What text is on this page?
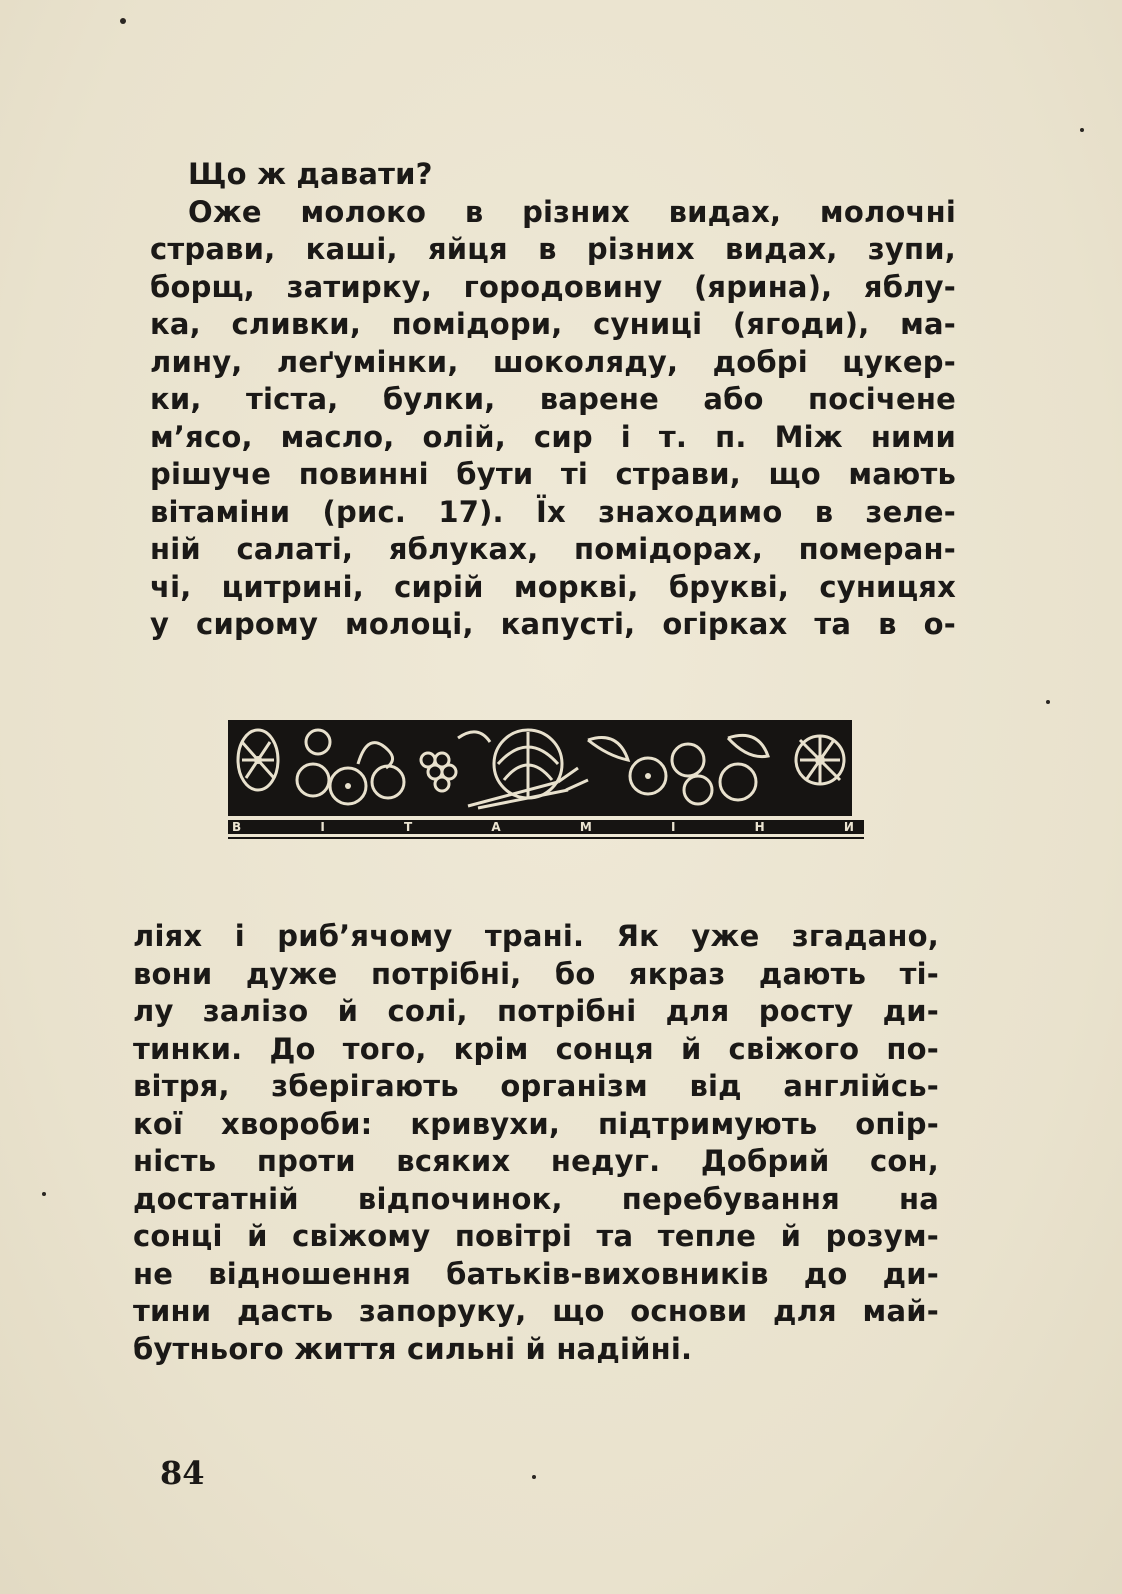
Що ж давати?
Оже молоко в різних видах, молочні
страви, каші, яйця в різних видах, зупи,
борщ, затирку, городовину (ярина), яблу-
ка, сливки, помідори, суниці (ягоди), ма-
лину, леґумінки, шоколяду, добрі цукер-
ки, тіста, булки, варене або посічене
м’ясо, масло, олій, сир і т. п. Між ними
рішуче повинні бути ті страви, що мають
вітаміни (рис. 17). Їх знаходимо в зеле-
ній салаті, яблуках, помідорах, померан-
чі, цитрині, сирій моркві, брукві, суницях
у сирому молоці, капусті, огірках та в о-
В	І	Т	А	М	І	Н	И
ліях і риб’ячому трані. Як уже згадано,
вони дуже потрібні, бо якраз дають ті-
лу залізо й солі, потрібні для росту ди-
тинки. До того, крім сонця й свіжого по-
вітря, зберігають організм від англійсь-
кої хвороби: кривухи, підтримують опір-
ність проти всяких недуг. Добрий сон,
достатній відпочинок, перебування на
сонці й свіжому повітрі та тепле й розум-
не відношення батьків-виховників до ди-
тини дасть запоруку, що основи для май-
бутнього життя сильні й надійні.
84
